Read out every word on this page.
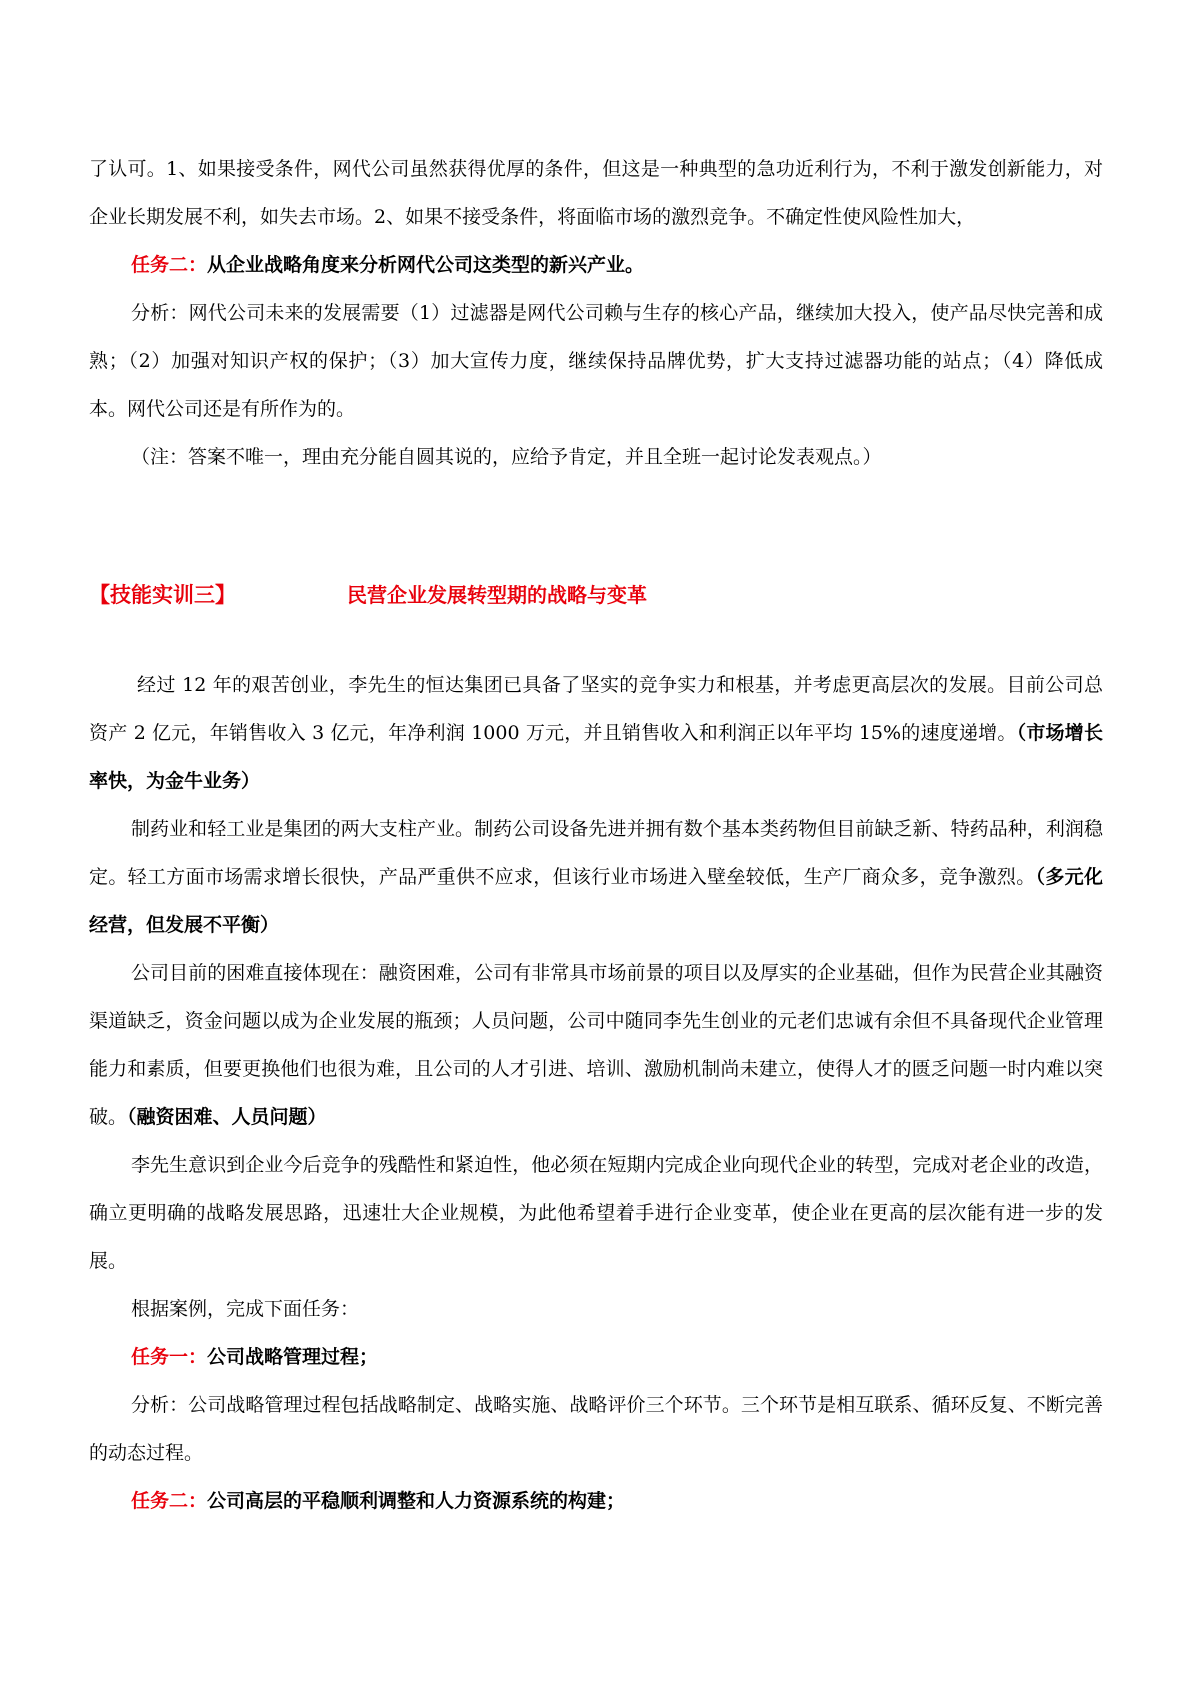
了认可。1、如果接受条件，网代公司虽然获得优厚的条件，但这是一种典型的急功近利行为，不利于激发创新能力，对企业长期发展不利，如失去市场。2、如果不接受条件，将面临市场的激烈竞争。不确定性使风险性加大，

任务二：从企业战略角度来分析网代公司这类型的新兴产业。

分析：网代公司未来的发展需要（1）过滤器是网代公司赖与生存的核心产品，继续加大投入，使产品尽快完善和成熟；（2）加强对知识产权的保护；（3）加大宣传力度，继续保持品牌优势，扩大支持过滤器功能的站点；（4）降低成本。网代公司还是有所作为的。

（注：答案不唯一，理由充分能自圆其说的，应给予肯定，并且全班一起讨论发表观点。）

【技能实训三】	民营企业发展转型期的战略与变革

经过 12 年的艰苦创业，李先生的恒达集团已具备了坚实的竞争实力和根基，并考虑更高层次的发展。目前公司总资产 2 亿元，年销售收入 3 亿元，年净利润 1000 万元，并且销售收入和利润正以年平均 15%的速度递增。（市场增长率快，为金牛业务）

制药业和轻工业是集团的两大支柱产业。制药公司设备先进并拥有数个基本类药物但目前缺乏新、特药品种，利润稳定。轻工方面市场需求增长很快，产品严重供不应求，但该行业市场进入壁垒较低，生产厂商众多，竞争激烈。（多元化经营，但发展不平衡）

公司目前的困难直接体现在：融资困难，公司有非常具市场前景的项目以及厚实的企业基础，但作为民营企业其融资渠道缺乏，资金问题以成为企业发展的瓶颈；人员问题，公司中随同李先生创业的元老们忠诚有余但不具备现代企业管理能力和素质，但要更换他们也很为难，且公司的人才引进、培训、激励机制尚未建立，使得人才的匮乏问题一时内难以突破。（融资困难、人员问题）

李先生意识到企业今后竞争的残酷性和紧迫性，他必须在短期内完成企业向现代企业的转型，完成对老企业的改造，确立更明确的战略发展思路，迅速壮大企业规模，为此他希望着手进行企业变革，使企业在更高的层次能有进一步的发展。

根据案例，完成下面任务：

任务一：公司战略管理过程；

分析：公司战略管理过程包括战略制定、战略实施、战略评价三个环节。三个环节是相互联系、循环反复、不断完善的动态过程。

任务二：公司高层的平稳顺利调整和人力资源系统的构建；
